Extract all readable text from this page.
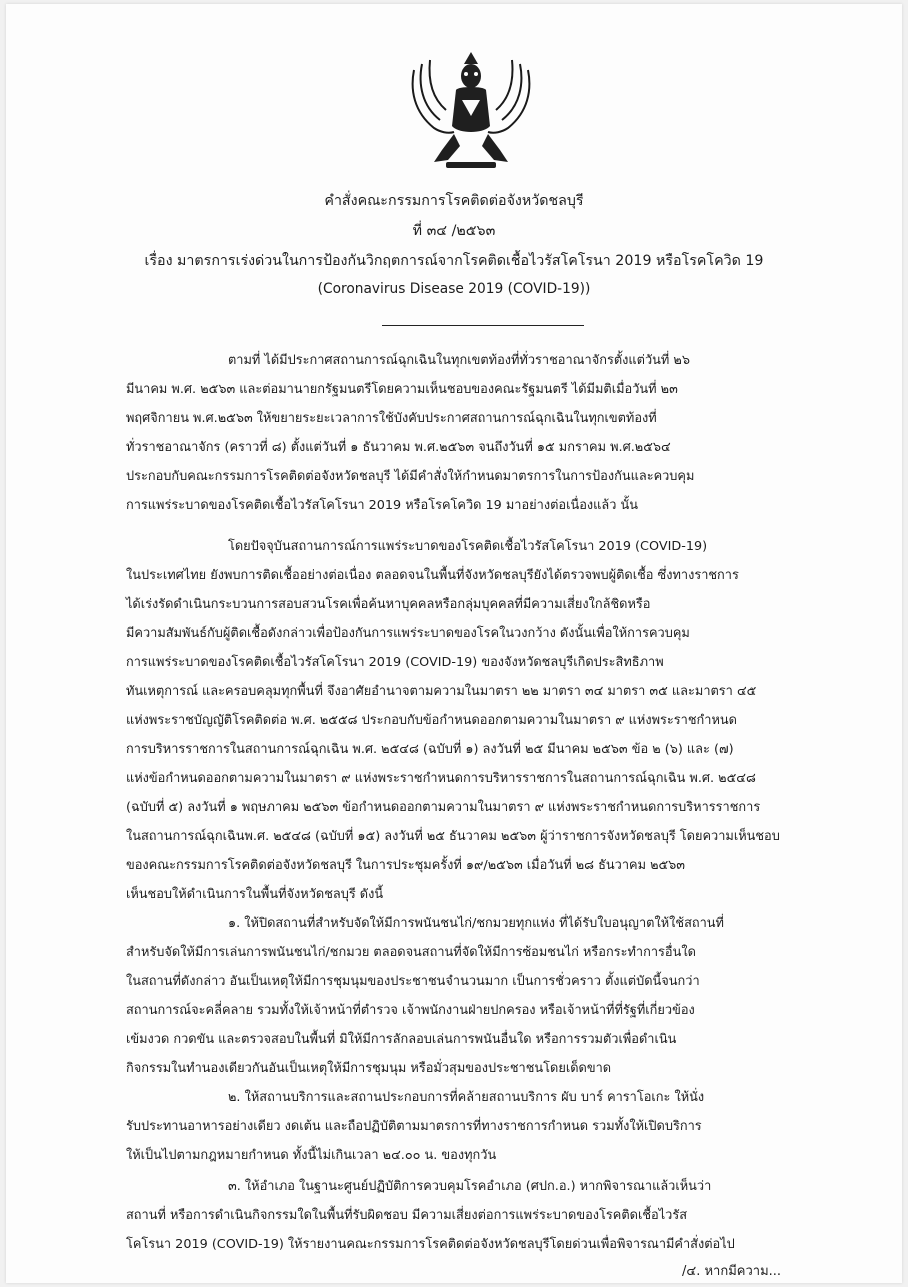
คำสั่งคณะกรรมการโรคติดต่อจังหวัดชลบุรี
ที่ ๓๔ /๒๕๖๓
เรื่อง มาตรการเร่งด่วนในการป้องกันวิกฤตการณ์จากโรคติดเชื้อไวรัสโคโรนา 2019 หรือโรคโควิด 19
(Coronavirus Disease 2019 (COVID-19))
ตามที่ ได้มีประกาศสถานการณ์ฉุกเฉินในทุกเขตท้องที่ทั่วราชอาณาจักรตั้งแต่วันที่ ๒๖
มีนาคม พ.ศ. ๒๕๖๓ และต่อมานายกรัฐมนตรีโดยความเห็นชอบของคณะรัฐมนตรี ได้มีมติเมื่อวันที่ ๒๓
พฤศจิกายน พ.ศ.๒๕๖๓ ให้ขยายระยะเวลาการใช้บังคับประกาศสถานการณ์ฉุกเฉินในทุกเขตท้องที่
ทั่วราชอาณาจักร (คราวที่ ๘) ตั้งแต่วันที่ ๑ ธันวาคม พ.ศ.๒๕๖๓ จนถึงวันที่ ๑๕ มกราคม พ.ศ.๒๕๖๔
ประกอบกับคณะกรรมการโรคติดต่อจังหวัดชลบุรี ได้มีคำสั่งให้กำหนดมาตรการในการป้องกันและควบคุม
การแพร่ระบาดของโรคติดเชื้อไวรัสโคโรนา 2019 หรือโรคโควิด 19 มาอย่างต่อเนื่องแล้ว นั้น
โดยปัจจุบันสถานการณ์การแพร่ระบาดของโรคติดเชื้อไวรัสโคโรนา 2019 (COVID-19)
ในประเทศไทย ยังพบการติดเชื้ออย่างต่อเนื่อง ตลอดจนในพื้นที่จังหวัดชลบุรียังได้ตรวจพบผู้ติดเชื้อ ซึ่งทางราชการ
ได้เร่งรัดดำเนินกระบวนการสอบสวนโรคเพื่อค้นหาบุคคลหรือกลุ่มบุคคลที่มีความเสี่ยงใกล้ชิดหรือ
มีความสัมพันธ์กับผู้ติดเชื้อดังกล่าวเพื่อป้องกันการแพร่ระบาดของโรคในวงกว้าง ดังนั้นเพื่อให้การควบคุม
การแพร่ระบาดของโรคติดเชื้อไวรัสโคโรนา 2019 (COVID-19) ของจังหวัดชลบุรีเกิดประสิทธิภาพ
ทันเหตุการณ์ และครอบคลุมทุกพื้นที่ จึงอาศัยอำนาจตามความในมาตรา ๒๒ มาตรา ๓๔ มาตรา ๓๕ และมาตรา ๔๕
แห่งพระราชบัญญัติโรคติดต่อ พ.ศ. ๒๕๕๘ ประกอบกับข้อกำหนดออกตามความในมาตรา ๙ แห่งพระราชกำหนด
การบริหารราชการในสถานการณ์ฉุกเฉิน พ.ศ. ๒๕๔๘ (ฉบับที่ ๑) ลงวันที่ ๒๕ มีนาคม ๒๕๖๓ ข้อ ๒ (๖) และ (๗)
แห่งข้อกำหนดออกตามความในมาตรา ๙ แห่งพระราชกำหนดการบริหารราชการในสถานการณ์ฉุกเฉิน พ.ศ. ๒๕๔๘
(ฉบับที่ ๕) ลงวันที่ ๑ พฤษภาคม ๒๕๖๓ ข้อกำหนดออกตามความในมาตรา ๙ แห่งพระราชกำหนดการบริหารราชการ
ในสถานการณ์ฉุกเฉินพ.ศ. ๒๕๔๘ (ฉบับที่ ๑๕) ลงวันที่ ๒๕ ธันวาคม ๒๕๖๓ ผู้ว่าราชการจังหวัดชลบุรี โดยความเห็นชอบ
ของคณะกรรมการโรคติดต่อจังหวัดชลบุรี ในการประชุมครั้งที่ ๑๙/๒๕๖๓ เมื่อวันที่ ๒๘ ธันวาคม ๒๕๖๓
เห็นชอบให้ดำเนินการในพื้นที่จังหวัดชลบุรี ดังนี้
๑. ให้ปิดสถานที่สำหรับจัดให้มีการพนันชนไก่/ชกมวยทุกแห่ง ที่ได้รับใบอนุญาตให้ใช้สถานที่
สำหรับจัดให้มีการเล่นการพนันชนไก่/ชกมวย ตลอดจนสถานที่จัดให้มีการซ้อมชนไก่ หรือกระทำการอื่นใด
ในสถานที่ดังกล่าว อันเป็นเหตุให้มีการชุมนุมของประชาชนจำนวนมาก เป็นการชั่วคราว ตั้งแต่บัดนี้จนกว่า
สถานการณ์จะคลี่คลาย รวมทั้งให้เจ้าหน้าที่ตำรวจ เจ้าพนักงานฝ่ายปกครอง หรือเจ้าหน้าที่ที่รัฐที่เกี่ยวข้อง
เข้มงวด กวดขัน และตรวจสอบในพื้นที่ มิให้มีการลักลอบเล่นการพนันอื่นใด หรือการรวมตัวเพื่อดำเนิน
กิจกรรมในทำนองเดียวกันอันเป็นเหตุให้มีการชุมนุม หรือมั่วสุมของประชาชนโดยเด็ดขาด
๒. ให้สถานบริการและสถานประกอบการที่คล้ายสถานบริการ ผับ บาร์ คาราโอเกะ ให้นั่ง
รับประทานอาหารอย่างเดียว งดเต้น และถือปฏิบัติตามมาตรการที่ทางราชการกำหนด รวมทั้งให้เปิดบริการ
ให้เป็นไปตามกฎหมายกำหนด ทั้งนี้ไม่เกินเวลา ๒๔.๐๐ น. ของทุกวัน
๓. ให้อำเภอ ในฐานะศูนย์ปฏิบัติการควบคุมโรคอำเภอ (ศปก.อ.) หากพิจารณาแล้วเห็นว่า
สถานที่ หรือการดำเนินกิจกรรมใดในพื้นที่รับผิดชอบ มีความเสี่ยงต่อการแพร่ระบาดของโรคติดเชื้อไวรัส
โคโรนา 2019 (COVID-19) ให้รายงานคณะกรรมการโรคติดต่อจังหวัดชลบุรีโดยด่วนเพื่อพิจารณามีคำสั่งต่อไป
/๔. หากมีความ...
